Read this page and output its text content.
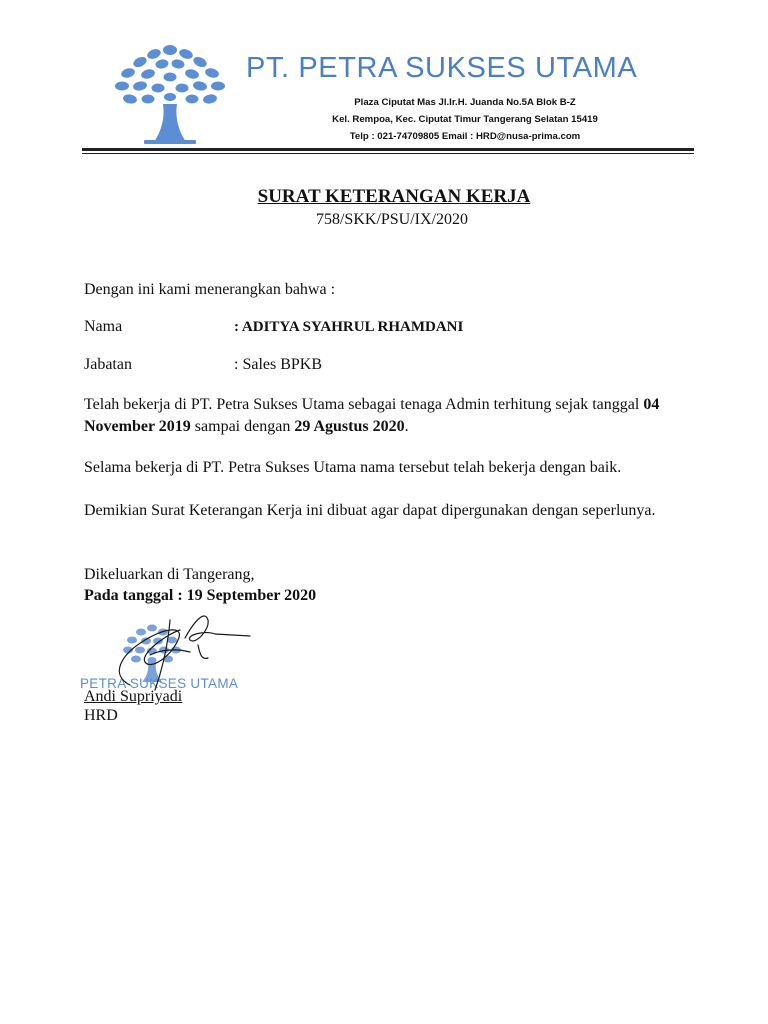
PT. PETRA SUKSES UTAMA
Plaza Ciputat Mas Jl.Ir.H. Juanda No.5A Blok B-Z
Kel. Rempoa, Kec. Ciputat Timur Tangerang Selatan 15419
Telp : 021-74709805 Email : HRD@nusa-prima.com
SURAT KETERANGAN KERJA
758/SKK/PSU/IX/2020
Dengan ini kami menerangkan bahwa :
Nama	: ADITYA SYAHRUL RHAMDANI
Jabatan	: Sales BPKB
Telah bekerja di PT. Petra Sukses Utama sebagai tenaga Admin terhitung sejak tanggal 04 November 2019 sampai dengan 29 Agustus 2020.
Selama bekerja di PT. Petra Sukses Utama nama tersebut telah bekerja dengan baik.
Demikian Surat Keterangan Kerja ini dibuat agar dapat dipergunakan dengan seperlunya.
Dikeluarkan di Tangerang,
Pada tanggal : 19 September 2020
PETRA SUKSES UTAMA
Andi Supriyadi
HRD
